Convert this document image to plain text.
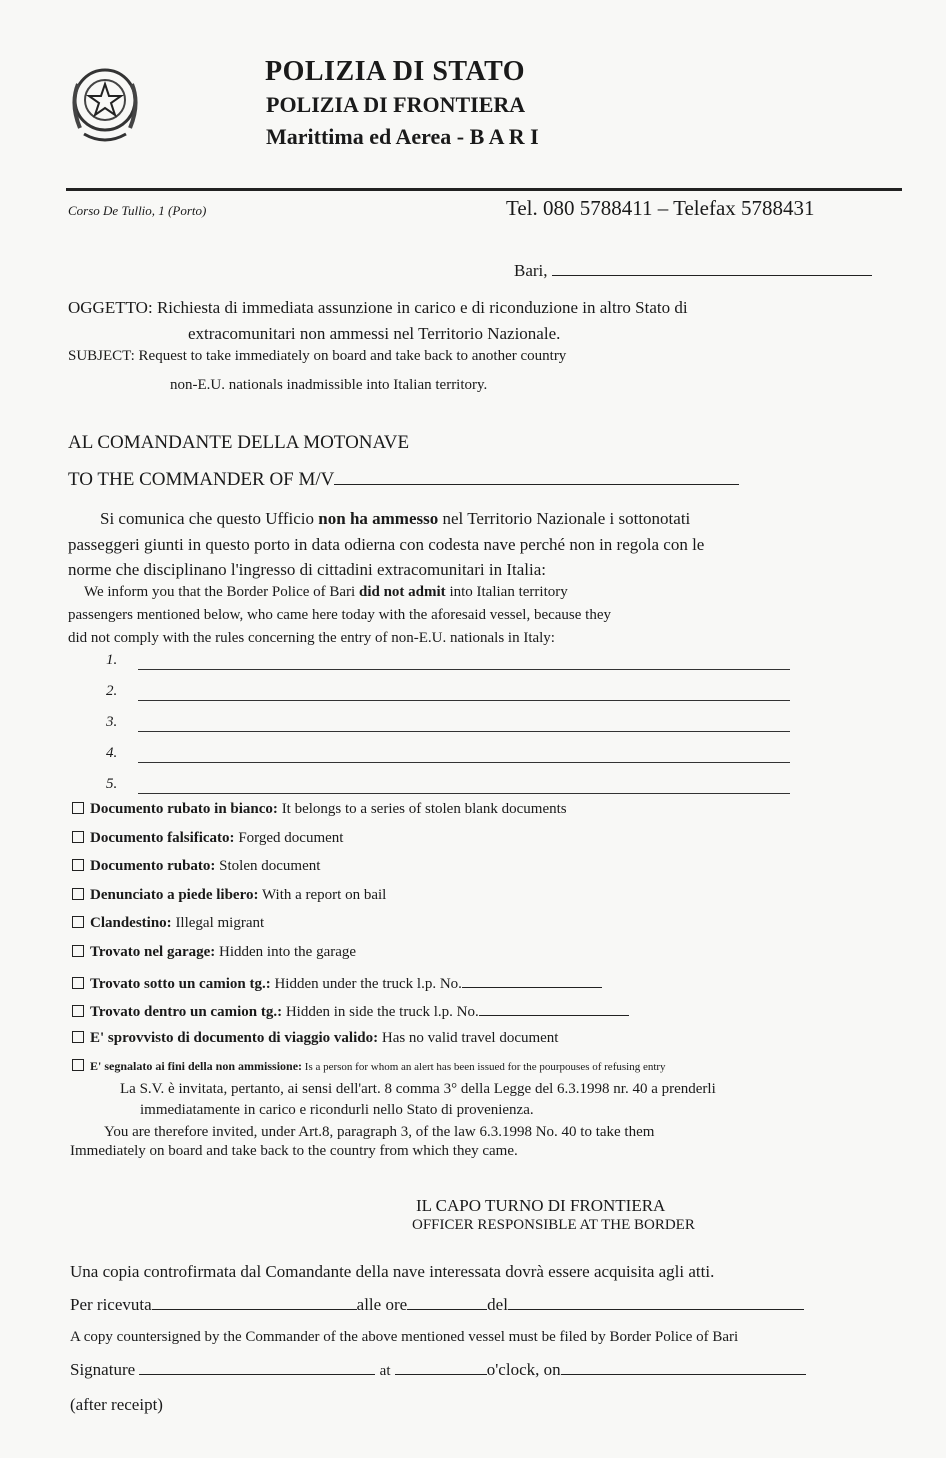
POLIZIA DI STATO
POLIZIA DI FRONTIERA
Marittima ed Aerea - B A R I
Corso De Tullio, 1 (Porto)	Tel. 080 5788411 – Telefax 5788431
Bari,
OGGETTO: Richiesta di immediata assunzione in carico e di riconduzione in altro Stato di
extracomunitari non ammessi nel Territorio Nazionale.
SUBJECT: Request to take immediately on board and take back to another country
non-E.U. nationals inadmissible into Italian territory.
AL COMANDANTE DELLA MOTONAVE
TO THE COMMANDER OF M/V
Si comunica che questo Ufficio non ha ammesso nel Territorio Nazionale i sottonotati
passeggeri giunti in questo porto in data odierna con codesta nave perché non in regola con le
norme che disciplinano l'ingresso di cittadini extracomunitari in Italia:
We inform you that the Border Police of Bari did not admit into Italian territory
passengers mentioned below, who came here today with the aforesaid vessel, because they
did not comply with the rules concerning the entry of non-E.U. nationals in Italy:
1.
2.
3.
4.
5.
Documento rubato in bianco: It belongs to a series of stolen blank documents
Documento falsificato: Forged document
Documento rubato: Stolen document
Denunciato a piede libero: With a report on bail
Clandestino: Illegal migrant
Trovato nel garage: Hidden into the garage
Trovato sotto un camion tg.: Hidden under the truck l.p. No.
Trovato dentro un camion tg.: Hidden in side the truck l.p. No.
E' sprovvisto di documento di viaggio valido: Has no valid travel document
E' segnalato ai fini della non ammissione: Is a person for whom an alert has been issued for the pourpouses of refusing entry
La S.V. è invitata, pertanto, ai sensi dell'art. 8 comma 3° della Legge del 6.3.1998 nr. 40 a prenderli
immediatamente in carico e ricondurli nello Stato di provenienza.
You are therefore invited, under Art.8, paragraph 3, of the law 6.3.1998 No. 40 to take them
Immediately on board and take back to the country from which they came.
IL CAPO TURNO DI FRONTIERA
OFFICER RESPONSIBLE AT THE BORDER
Una copia controfirmata dal Comandante della nave interessata dovrà essere acquisita agli atti.
Per ricevuta	alle ore	del
A copy countersigned by the Commander of the above mentioned vessel must be filed by Border Police of Bari
Signature	at	o'clock, on
(after receipt)
